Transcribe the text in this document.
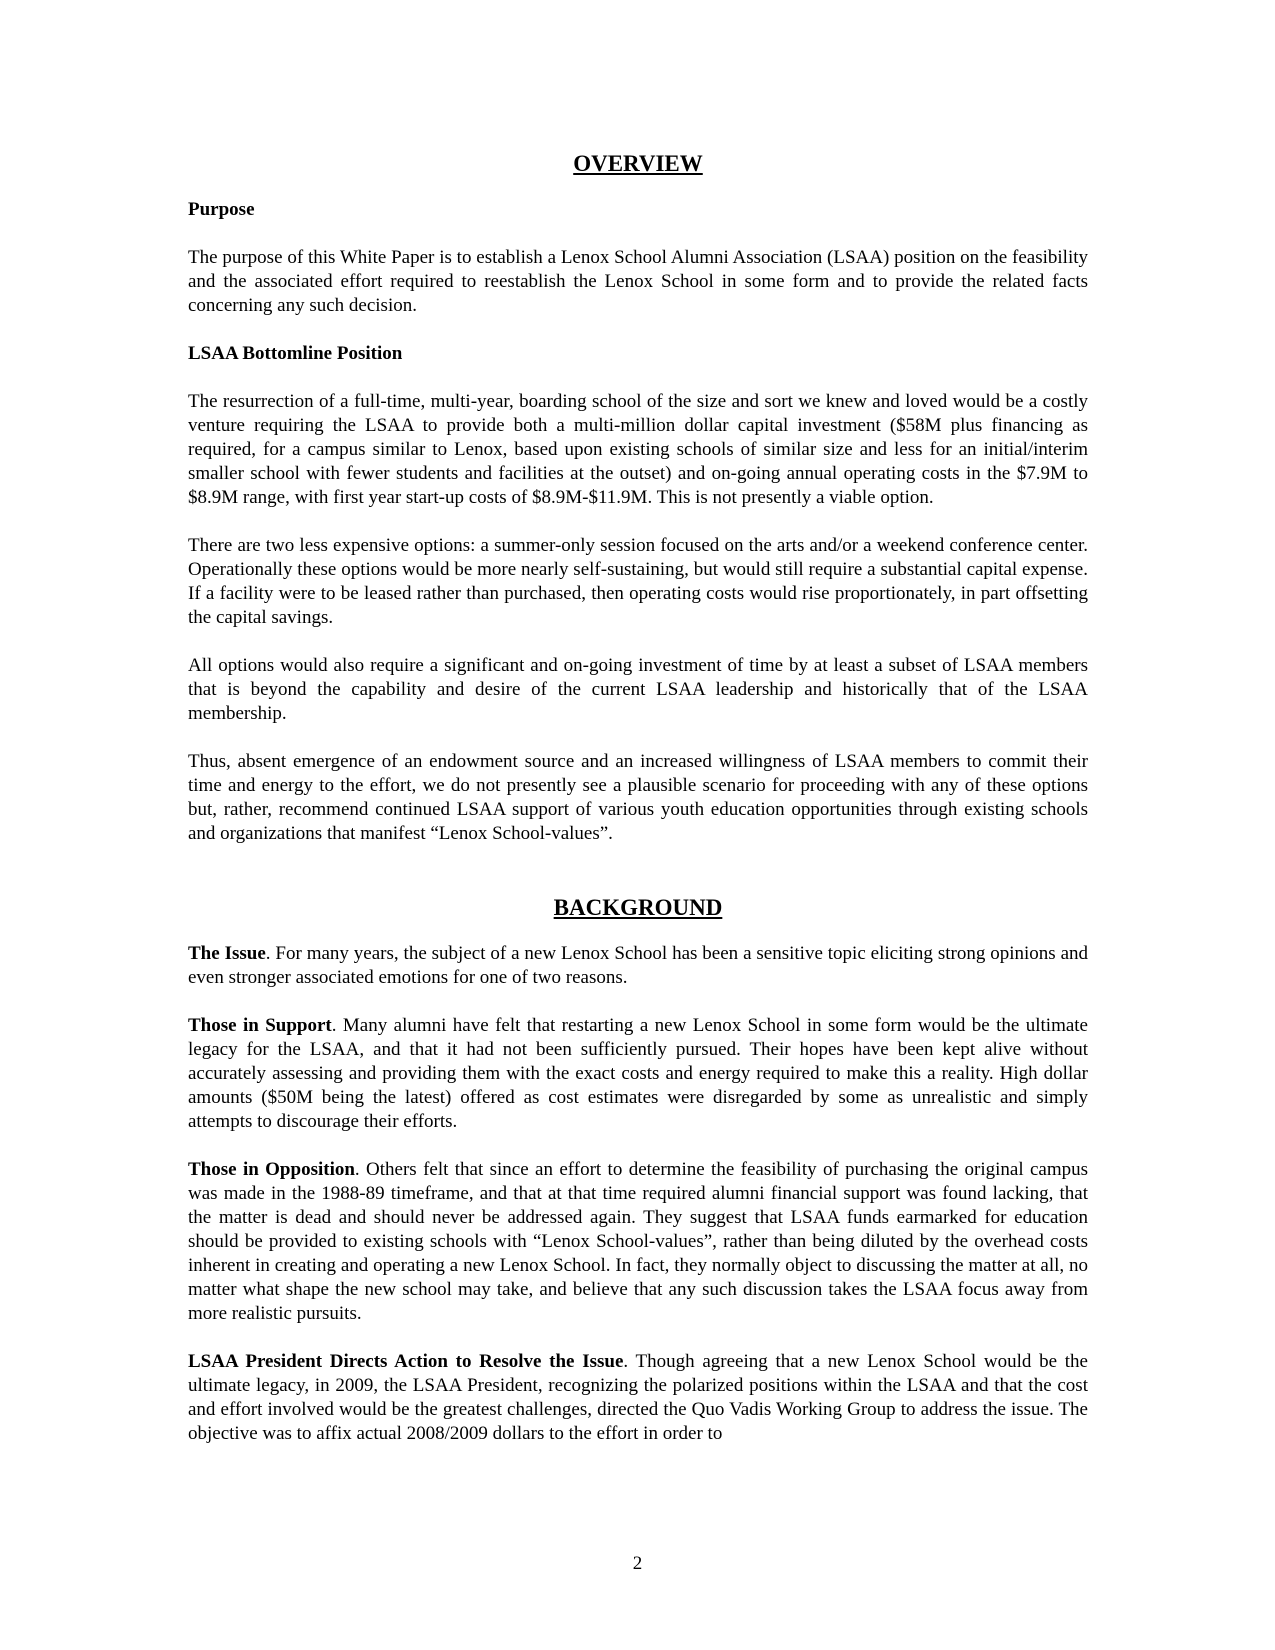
OVERVIEW
Purpose

The purpose of this White Paper is to establish a Lenox School Alumni Association (LSAA) position on the feasibility and the associated effort required to reestablish the Lenox School in some form and to provide the related facts concerning any such decision.

LSAA Bottomline Position

The resurrection of a full-time, multi-year, boarding school of the size and sort we knew and loved would be a costly venture requiring the LSAA to provide both a multi-million dollar capital investment ($58M plus financing as required, for a campus similar to Lenox, based upon existing schools of similar size and less for an initial/interim smaller school with fewer students and facilities at the outset) and on-going annual operating costs in the $7.9M to $8.9M range, with first year start-up costs of $8.9M-$11.9M. This is not presently a viable option.

There are two less expensive options: a summer-only session focused on the arts and/or a weekend conference center. Operationally these options would be more nearly self-sustaining, but would still require a substantial capital expense. If a facility were to be leased rather than purchased, then operating costs would rise proportionately, in part offsetting the capital savings.

All options would also require a significant and on-going investment of time by at least a subset of LSAA members that is beyond the capability and desire of the current LSAA leadership and historically that of the LSAA membership.

Thus, absent emergence of an endowment source and an increased willingness of LSAA members to commit their time and energy to the effort, we do not presently see a plausible scenario for proceeding with any of these options but, rather, recommend continued LSAA support of various youth education opportunities through existing schools and organizations that manifest “Lenox School-values”.

BACKGROUND

The Issue. For many years, the subject of a new Lenox School has been a sensitive topic eliciting strong opinions and even stronger associated emotions for one of two reasons.

Those in Support. Many alumni have felt that restarting a new Lenox School in some form would be the ultimate legacy for the LSAA, and that it had not been sufficiently pursued. Their hopes have been kept alive without accurately assessing and providing them with the exact costs and energy required to make this a reality. High dollar amounts ($50M being the latest) offered as cost estimates were disregarded by some as unrealistic and simply attempts to discourage their efforts.

Those in Opposition. Others felt that since an effort to determine the feasibility of purchasing the original campus was made in the 1988-89 timeframe, and that at that time required alumni financial support was found lacking, that the matter is dead and should never be addressed again. They suggest that LSAA funds earmarked for education should be provided to existing schools with “Lenox School-values”, rather than being diluted by the overhead costs inherent in creating and operating a new Lenox School. In fact, they normally object to discussing the matter at all, no matter what shape the new school may take, and believe that any such discussion takes the LSAA focus away from more realistic pursuits.

LSAA President Directs Action to Resolve the Issue. Though agreeing that a new Lenox School would be the ultimate legacy, in 2009, the LSAA President, recognizing the polarized positions within the LSAA and that the cost and effort involved would be the greatest challenges, directed the Quo Vadis Working Group to address the issue. The objective was to affix actual 2008/2009 dollars to the effort in order to

2
